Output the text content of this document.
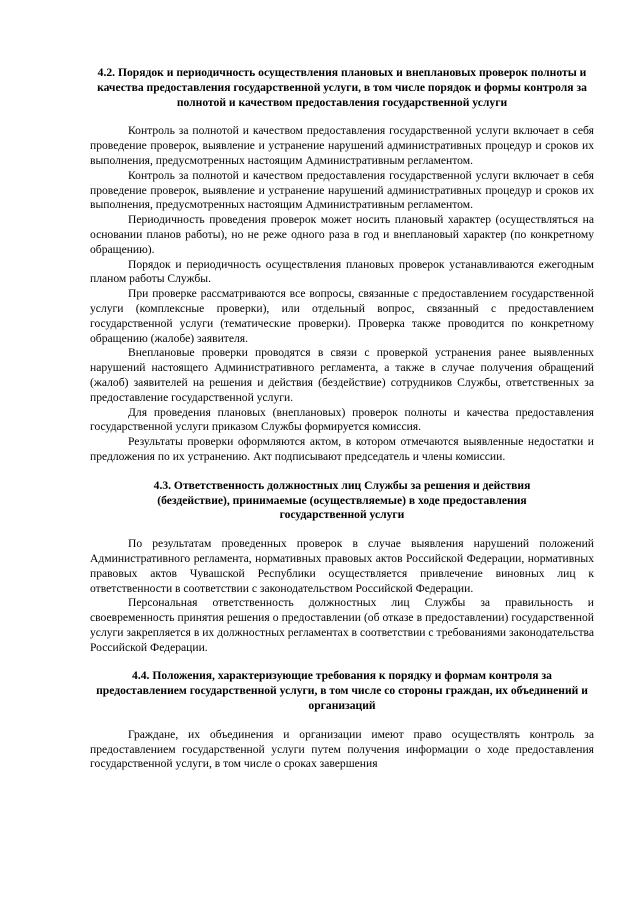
4.2. Порядок и периодичность осуществления плановых и внеплановых проверок полноты и качества предоставления государственной услуги, в том числе порядок и формы контроля за полнотой и качеством предоставления государственной услуги

Контроль за полнотой и качеством предоставления государственной услуги включает в себя проведение проверок, выявление и устранение нарушений административных процедур и сроков их выполнения, предусмотренных настоящим Административным регламентом.

Контроль за полнотой и качеством предоставления государственной услуги включает в себя проведение проверок, выявление и устранение нарушений административных процедур и сроков их выполнения, предусмотренных настоящим Административным регламентом.

Периодичность проведения проверок может носить плановый характер (осуществляться на основании планов работы), но не реже одного раза в год и внеплановый характер (по конкретному обращению).

Порядок и периодичность осуществления плановых проверок устанавливаются ежегодным планом работы Службы.

При проверке рассматриваются все вопросы, связанные с предоставлением государственной услуги (комплексные проверки), или отдельный вопрос, связанный с предоставлением государственной услуги (тематические проверки). Проверка также проводится по конкретному обращению (жалобе) заявителя.

Внеплановые проверки проводятся в связи с проверкой устранения ранее выявленных нарушений настоящего Административного регламента, а также в случае получения обращений (жалоб) заявителей на решения и действия (бездействие) сотрудников Службы, ответственных за предоставление государственной услуги.

Для проведения плановых (внеплановых) проверок полноты и качества предоставления государственной услуги приказом Службы формируется комиссия.

Результаты проверки оформляются актом, в котором отмечаются выявленные недостатки и предложения по их устранению. Акт подписывают председатель и члены комиссии.

4.3. Ответственность должностных лиц Службы за решения и действия (бездействие), принимаемые (осуществляемые) в ходе предоставления государственной услуги

По результатам проведенных проверок в случае выявления нарушений положений Административного регламента, нормативных правовых актов Российской Федерации, нормативных правовых актов Чувашской Республики осуществляется привлечение виновных лиц к ответственности в соответствии с законодательством Российской Федерации.

Персональная ответственность должностных лиц Службы за правильность и своевременность принятия решения о предоставлении (об отказе в предоставлении) государственной услуги закрепляется в их должностных регламентах в соответствии с требованиями законодательства Российской Федерации.

4.4. Положения, характеризующие требования к порядку и формам контроля за предоставлением государственной услуги, в том числе со стороны граждан, их объединений и организаций

Граждане, их объединения и организации имеют право осуществлять контроль за предоставлением государственной услуги путем получения информации о ходе предоставления государственной услуги, в том числе о сроках завершения
